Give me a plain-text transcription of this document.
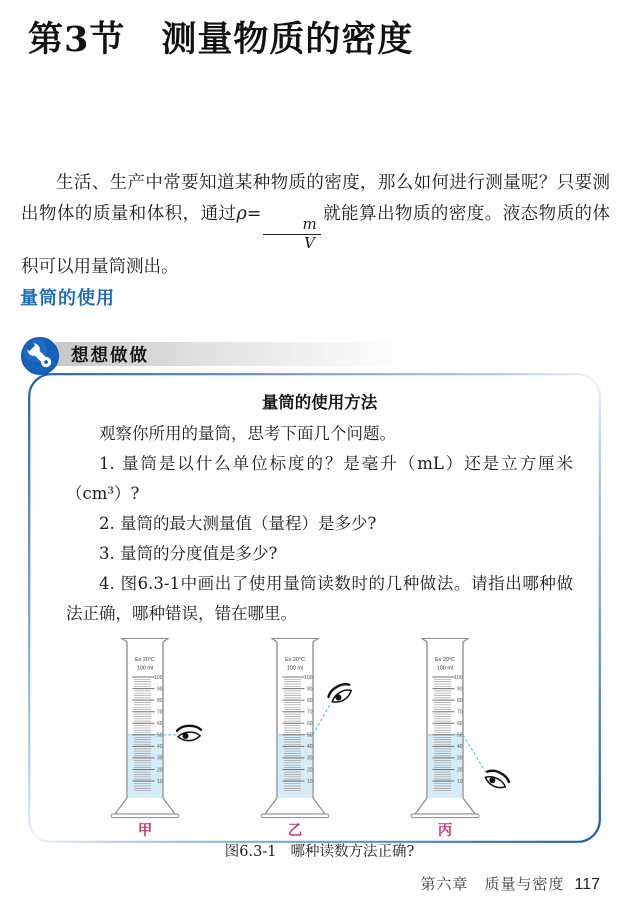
第3节 测量物质的密度

生活、生产中常要知道某种物质的密度，那么如何进行测量呢？只要测出物体的质量和体积，通过ρ=
$\frac{m}{V}$
就能算出物质的密度。液态物质的体积可以用量筒测出。

量筒的使用
想想做做
量筒的使用方法

观察你所用的量筒，思考下面几个问题。

1. 量筒是以什么单位标度的？是毫升（mL）还是立方厘米（cm³）?

2. 量筒的最大测量值（量程）是多少?

3. 量筒的分度值是多少?

4. 图6.3-1中画出了使用量筒读数时的几种做法。请指出哪种做法正确，哪种错误，错在哪里。

100
90
80
70
60
50
40
30
20
10
Ex 20°C
100 ml
甲
100
90
80
70
60
50
40
30
20
10
Ex 20°C
100 ml
乙
100
90
80
70
60
50
40
30
20
10
Ex 20°C
100 ml
丙
图6.3-1 哪种读数方法正确?
第六章　质量与密度 117
